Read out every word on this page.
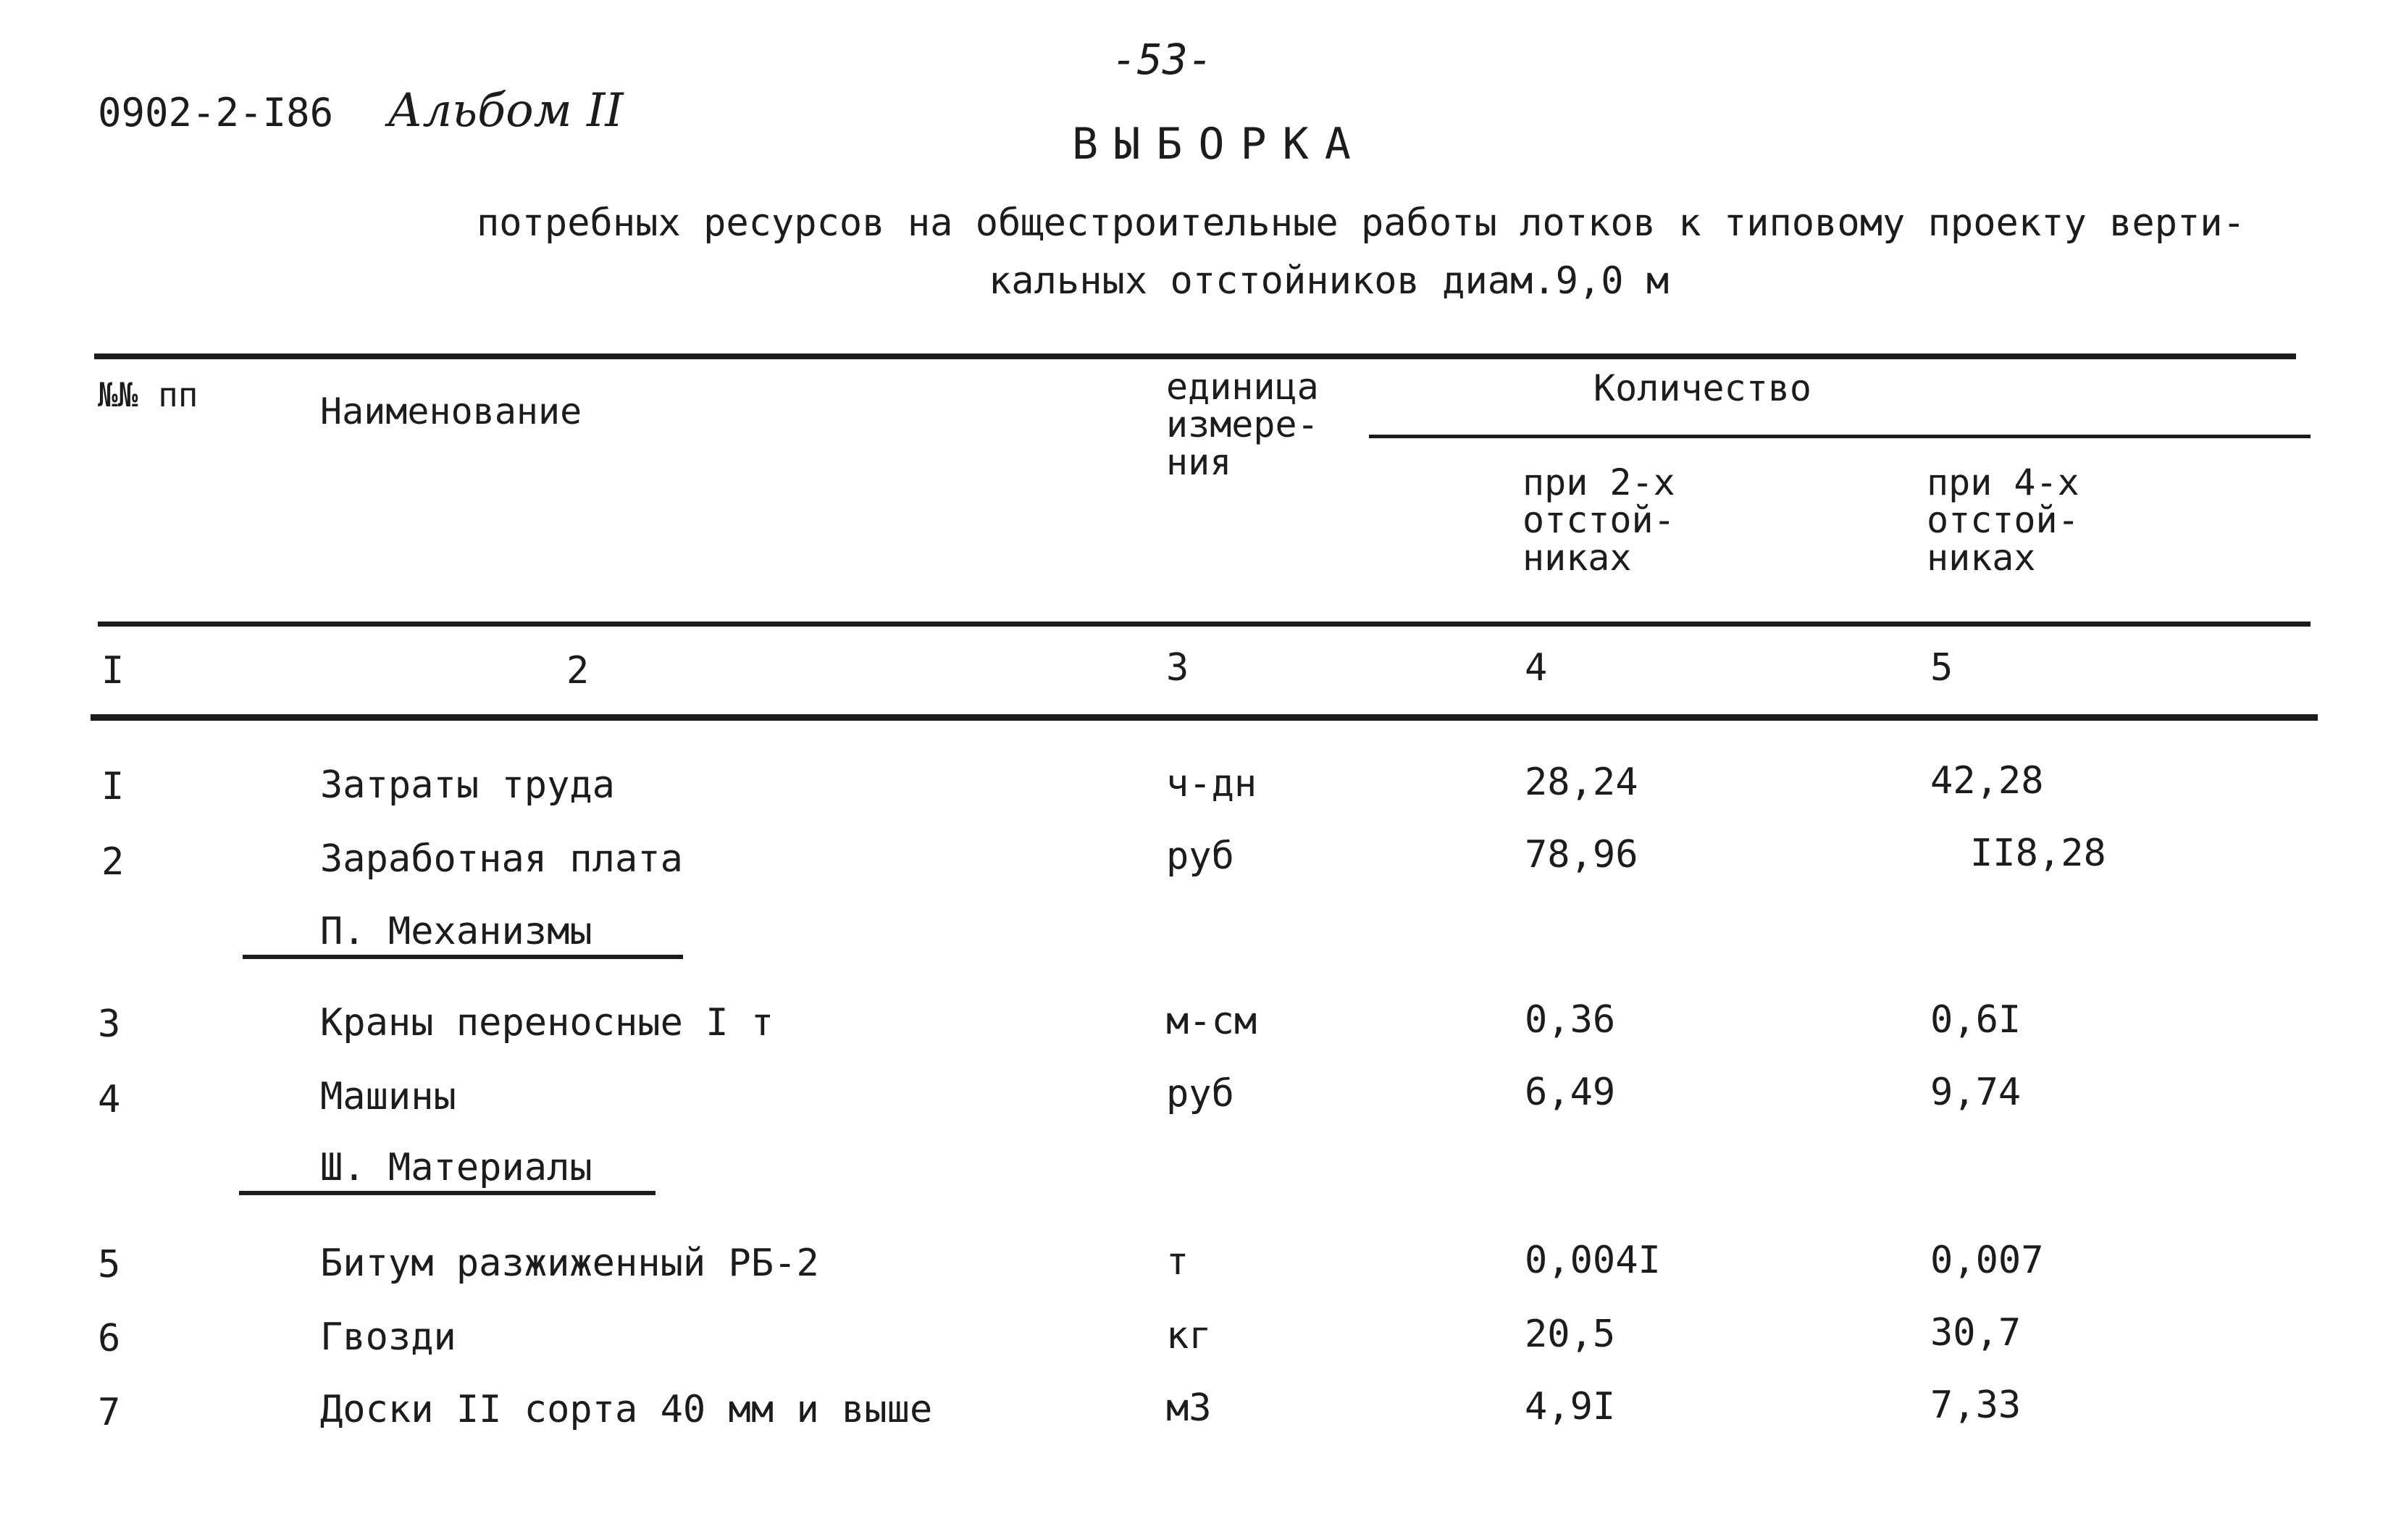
-53-
0902-2-I86 Альбом II
ВЫБОРКА
потребных ресурсов на общестроительные работы лотков к типовому проекту верти-
кальных отстойников диам.9,0 м
№№ пп	Наименование
единица измере- ния
Количество
при 2-х отстой- никах
при 4-х отстой- никах
I	2	3	4	5
I	Затраты труда	ч-дн	28,24	42,28
2	Заработная плата	руб	78,96	II8,28
П. Механизмы
3	Краны переносные I т	м-см	0,36	0,6I
4	Машины	руб	6,49	9,74
Ш. Материалы
5	Битум разжиженный РБ-2	т	0,004I	0,007
6	Гвозди	кг	20,5	30,7
7	Доски II сорта 40 мм и выше	м3	4,9I	7,33
